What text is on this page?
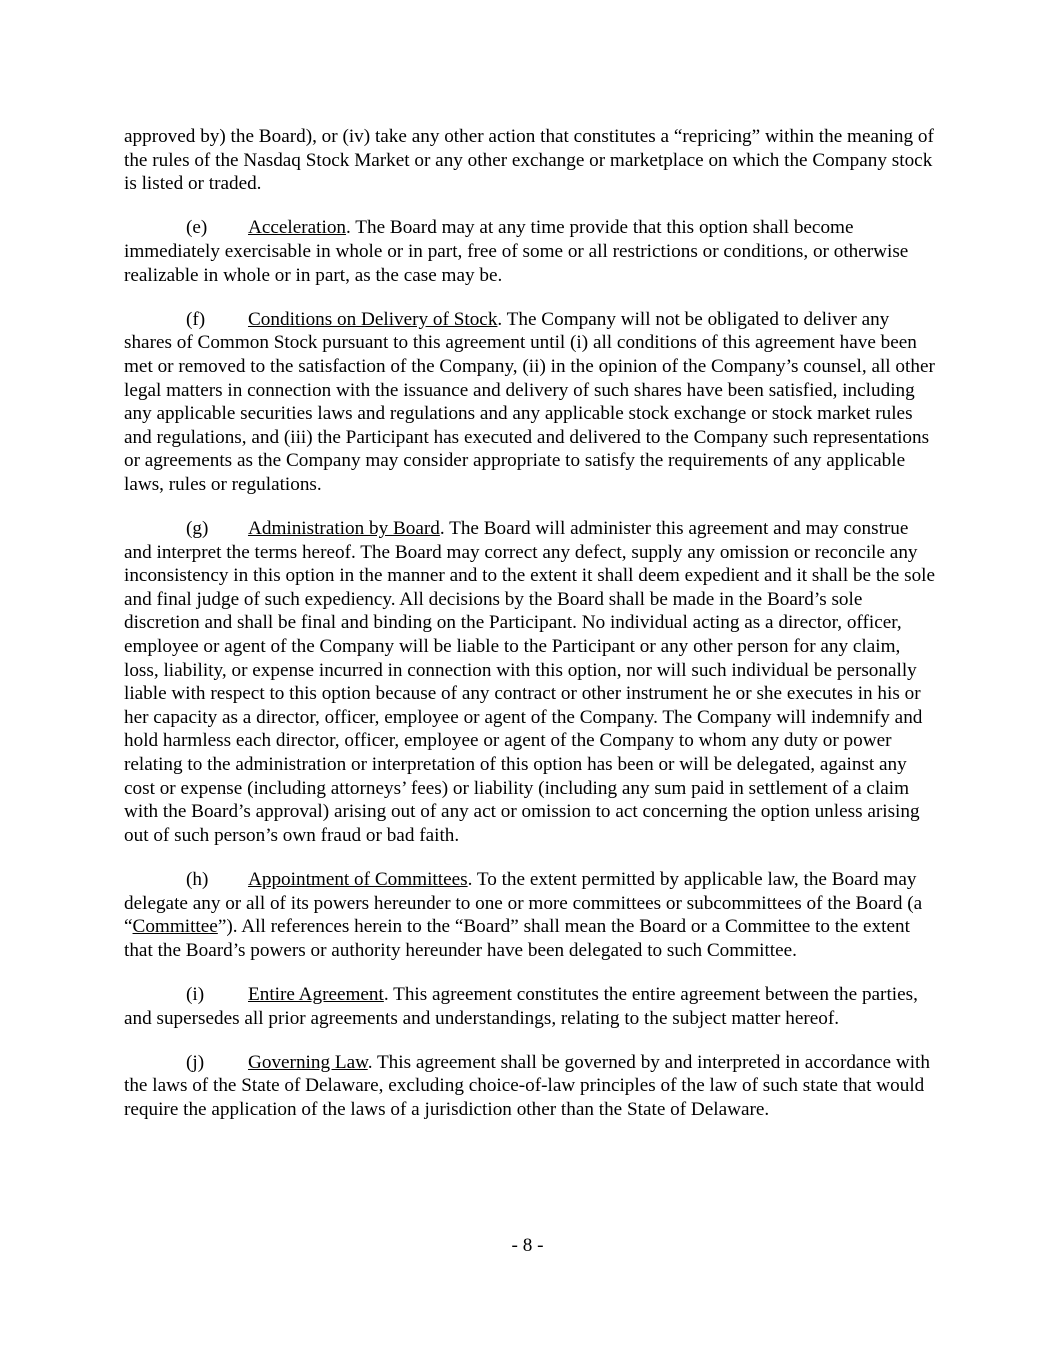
approved by) the Board), or (iv) take any other action that constitutes a “repricing” within the meaning of the rules of the Nasdaq Stock Market or any other exchange or marketplace on which the Company stock is listed or traded.

(e) Acceleration. The Board may at any time provide that this option shall become immediately exercisable in whole or in part, free of some or all restrictions or conditions, or otherwise realizable in whole or in part, as the case may be.

(f) Conditions on Delivery of Stock. The Company will not be obligated to deliver any shares of Common Stock pursuant to this agreement until (i) all conditions of this agreement have been met or removed to the satisfaction of the Company, (ii) in the opinion of the Company’s counsel, all other legal matters in connection with the issuance and delivery of such shares have been satisfied, including any applicable securities laws and regulations and any applicable stock exchange or stock market rules and regulations, and (iii) the Participant has executed and delivered to the Company such representations or agreements as the Company may consider appropriate to satisfy the requirements of any applicable laws, rules or regulations.

(g) Administration by Board. The Board will administer this agreement and may construe and interpret the terms hereof. The Board may correct any defect, supply any omission or reconcile any inconsistency in this option in the manner and to the extent it shall deem expedient and it shall be the sole and final judge of such expediency. All decisions by the Board shall be made in the Board’s sole discretion and shall be final and binding on the Participant. No individual acting as a director, officer, employee or agent of the Company will be liable to the Participant or any other person for any claim, loss, liability, or expense incurred in connection with this option, nor will such individual be personally liable with respect to this option because of any contract or other instrument he or she executes in his or her capacity as a director, officer, employee or agent of the Company. The Company will indemnify and hold harmless each director, officer, employee or agent of the Company to whom any duty or power relating to the administration or interpretation of this option has been or will be delegated, against any cost or expense (including attorneys’ fees) or liability (including any sum paid in settlement of a claim with the Board’s approval) arising out of any act or omission to act concerning the option unless arising out of such person’s own fraud or bad faith.

(h) Appointment of Committees. To the extent permitted by applicable law, the Board may delegate any or all of its powers hereunder to one or more committees or subcommittees of the Board (a “Committee”). All references herein to the “Board” shall mean the Board or a Committee to the extent that the Board’s powers or authority hereunder have been delegated to such Committee.

(i) Entire Agreement. This agreement constitutes the entire agreement between the parties, and supersedes all prior agreements and understandings, relating to the subject matter hereof.

(j) Governing Law. This agreement shall be governed by and interpreted in accordance with the laws of the State of Delaware, excluding choice-of-law principles of the law of such state that would require the application of the laws of a jurisdiction other than the State of Delaware.

- 8 -
